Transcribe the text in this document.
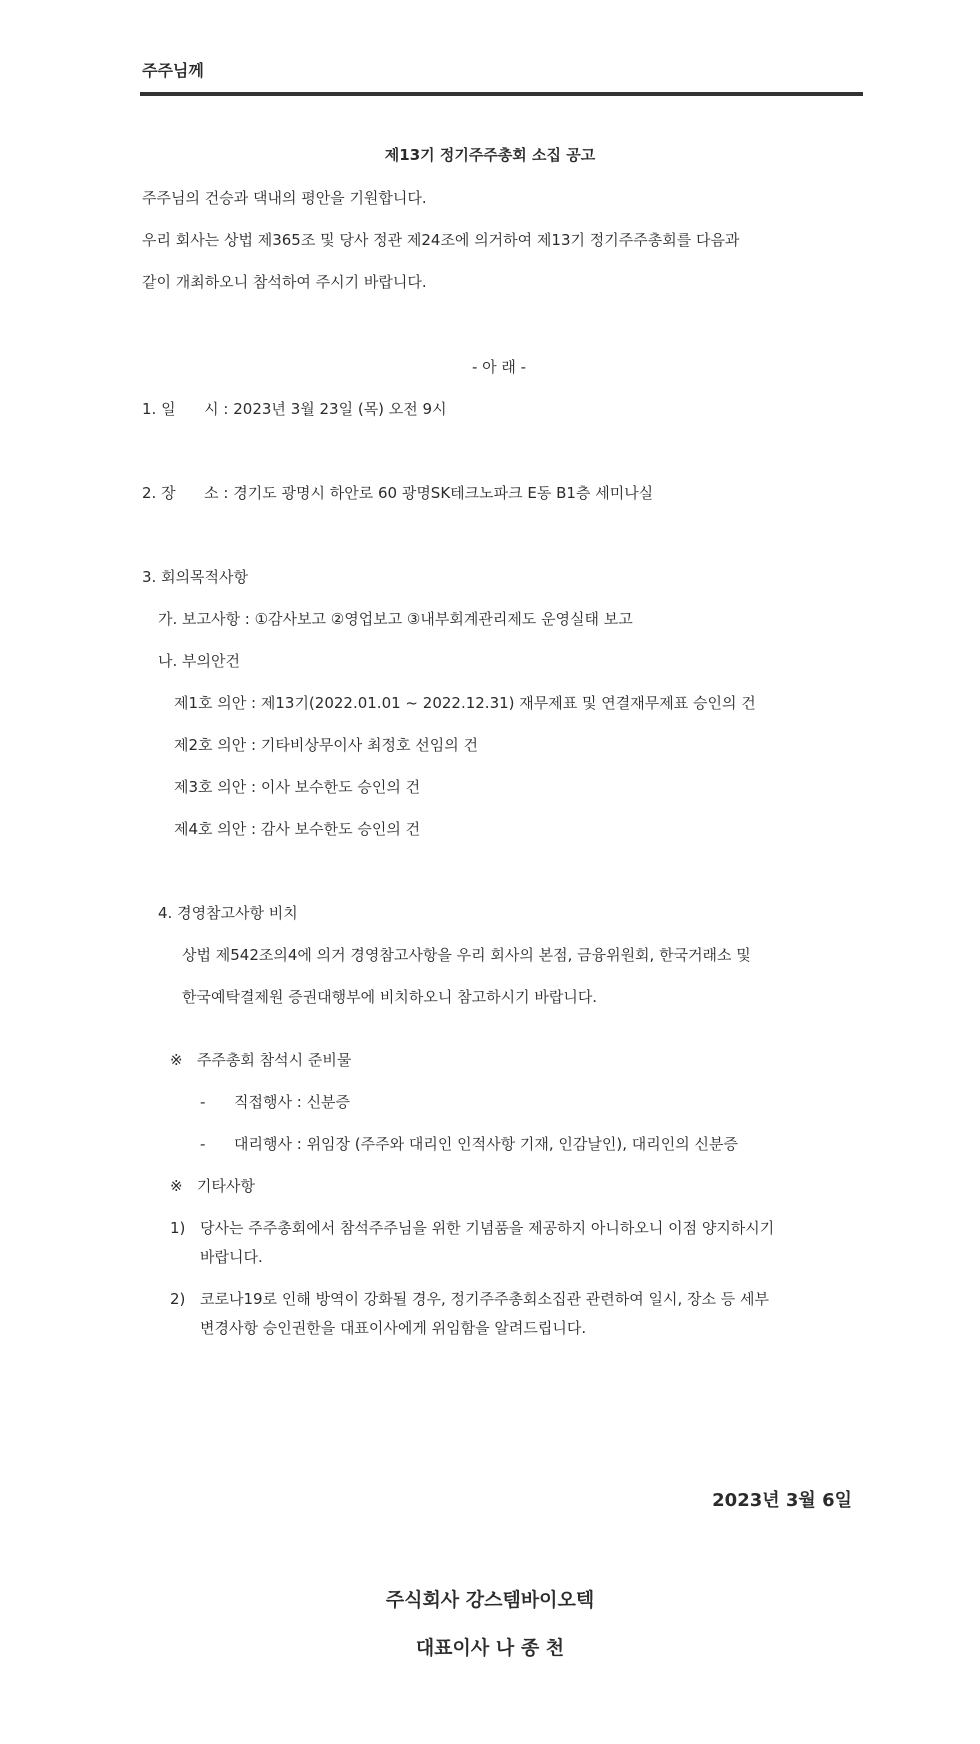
주주님께
제13기 정기주주총회 소집 공고
주주님의 건승과 댁내의 평안을 기원합니다.
우리 회사는 상법 제365조 및 당사 정관 제24조에 의거하여 제13기 정기주주총회를 다음과
같이 개최하오니 참석하여 주시기 바랍니다.
- 아 래 -
1. 일      시 : 2023년 3월 23일 (목) 오전 9시
2. 장      소 : 경기도 광명시 하안로 60 광명SK테크노파크 E동 B1층 세미나실
3. 회의목적사항
가. 보고사항 : ①감사보고 ②영업보고 ③내부회계관리제도 운영실태 보고
나. 부의안건
제1호 의안 : 제13기(2022.01.01 ~ 2022.12.31) 재무제표 및 연결재무제표 승인의 건
제2호 의안 : 기타비상무이사 최정호 선임의 건
제3호 의안 : 이사 보수한도 승인의 건
제4호 의안 : 감사 보수한도 승인의 건
4. 경영참고사항 비치
상법 제542조의4에 의거 경영참고사항을 우리 회사의 본점, 금융위원회, 한국거래소 및
한국예탁결제원 증권대행부에 비치하오니 참고하시기 바랍니다.
※   주주총회 참석시 준비물
-      직접행사 : 신분증
-      대리행사 : 위임장 (주주와 대리인 인적사항 기재, 인감날인), 대리인의 신분증
※   기타사항
1) 당사는 주주총회에서 참석주주님을 위한 기념품을 제공하지 아니하오니 이점 양지하시기
바랍니다.
2) 코로나19로 인해 방역이 강화될 경우, 정기주주총회소집관 관련하여 일시, 장소 등 세부
변경사항 승인권한을 대표이사에게 위임함을 알려드립니다.
2023년 3월 6일
주식회사 강스템바이오텍
대표이사 나 종 천
